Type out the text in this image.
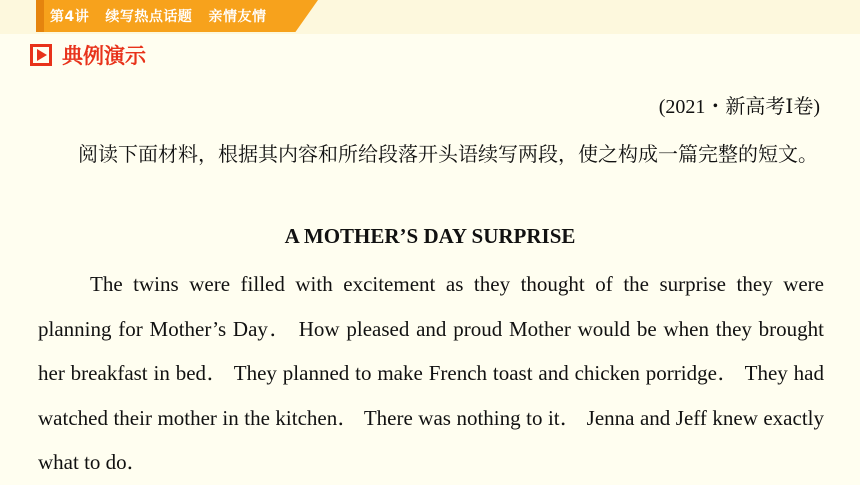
第4讲 续写热点话题 亲情友情
典例演示
(2021・新高考Ⅰ卷)

阅读下面材料，根据其内容和所给段落开头语续写两段，使之构成一篇完整的短文。

A MOTHER’S DAY SURPRISE

The twins were filled with excitement as they thought of the surprise they were planning for Mother’s Day． How pleased and proud Mother would be when they brought her breakfast in bed． They planned to make French toast and chicken porridge． They had watched their mother in the kitchen． There was nothing to it． Jenna and Jeff knew exactly what to do．
